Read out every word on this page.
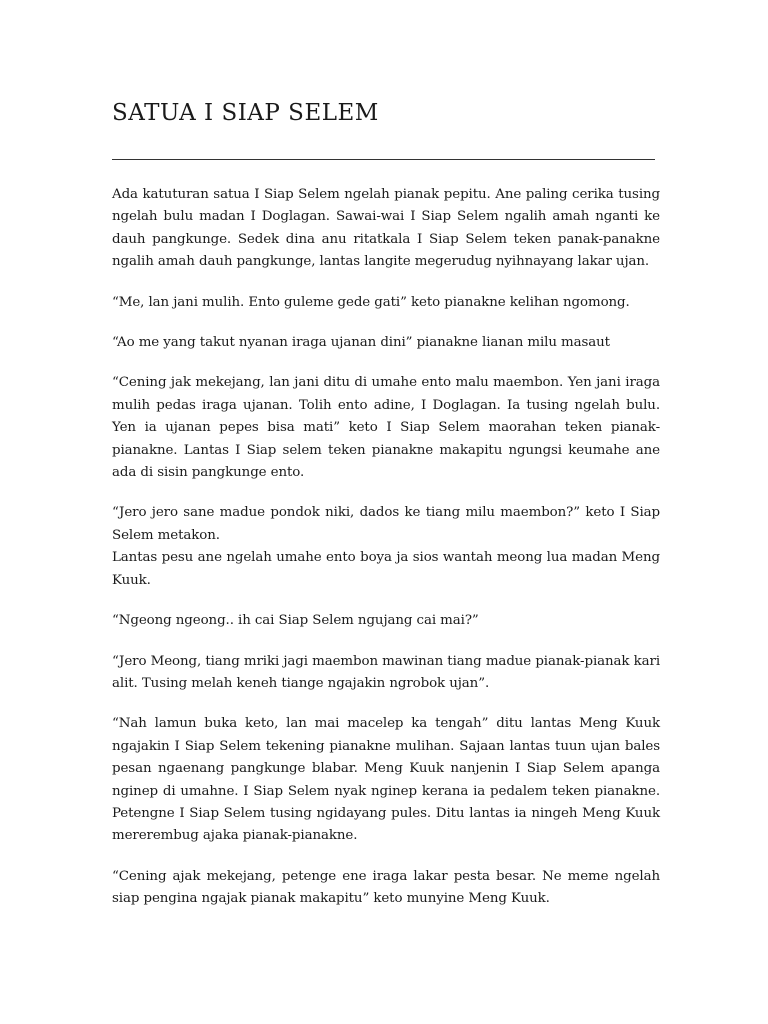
SATUA I SIAP SELEM

Ada katuturan satua I Siap Selem ngelah pianak pepitu. Ane paling cerika tusing ngelah bulu madan I Doglagan. Sawai-wai I Siap Selem ngalih amah nganti ke dauh pangkunge. Sedek dina anu ritatkala I Siap Selem teken panak-panakne ngalih amah dauh pangkunge, lantas langite megerudug nyihnayang lakar ujan.

“Me, lan jani mulih. Ento guleme gede gati” keto pianakne kelihan ngomong.

“Ao me yang takut nyanan iraga ujanan dini” pianakne lianan milu masaut

“Cening jak mekejang, lan jani ditu di umahe ento malu maembon. Yen jani iraga mulih pedas iraga ujanan. Tolih ento adine, I Doglagan. Ia tusing ngelah bulu. Yen ia ujanan pepes bisa mati” keto I Siap Selem maorahan teken pianak-pianakne. Lantas I Siap selem teken pianakne makapitu ngungsi keumahe ane ada di sisin pangkunge ento.

“Jero jero sane madue pondok niki, dados ke tiang milu maembon?” keto I Siap Selem metakon.

Lantas pesu ane ngelah umahe ento boya ja sios wantah meong lua madan Meng Kuuk.

“Ngeong ngeong.. ih cai Siap Selem ngujang cai mai?”

“Jero Meong, tiang mriki jagi maembon mawinan tiang madue pianak-pianak kari alit. Tusing melah keneh tiange ngajakin ngrobok ujan”.

“Nah lamun buka keto, lan mai macelep ka tengah” ditu lantas Meng Kuuk ngajakin I Siap Selem tekening pianakne mulihan. Sajaan lantas tuun ujan bales pesan ngaenang pangkunge blabar. Meng Kuuk nanjenin I Siap Selem apanga nginep di umahne. I Siap Selem nyak nginep kerana ia pedalem teken pianakne. Petengne I Siap Selem tusing ngidayang pules. Ditu lantas ia ningeh Meng Kuuk mererembug ajaka pianak-pianakne.

“Cening ajak mekejang, petenge ene iraga lakar pesta besar. Ne meme ngelah siap pengina ngajak pianak makapitu” keto munyine Meng Kuuk.
